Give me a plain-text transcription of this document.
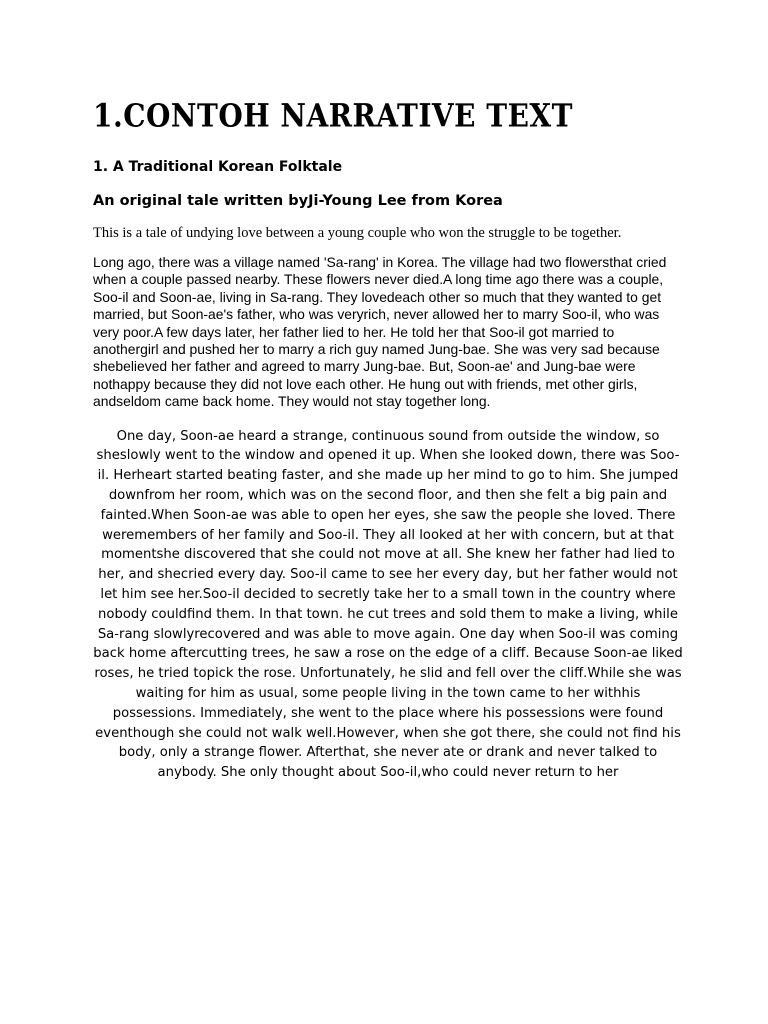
1.CONTOH NARRATIVE TEXT
1. A Traditional Korean Folktale
An original tale written byJi-Young Lee from Korea

This is a tale of undying love between a young couple who won the struggle to be together.

Long ago, there was a village named 'Sa-rang' in Korea. The village had two flowersthat cried when a couple passed nearby. These flowers never died.A long time ago there was a couple, Soo-il and Soon-ae, living in Sa-rang. They lovedeach other so much that they wanted to get married, but Soon-ae's father, who was veryrich, never allowed her to marry Soo-il, who was very poor.A few days later, her father lied to her. He told her that Soo-il got married to anothergirl and pushed her to marry a rich guy named Jung-bae. She was very sad because shebelieved her father and agreed to marry Jung-bae. But, Soon-ae' and Jung-bae were nothappy because they did not love each other. He hung out with friends, met other girls, andseldom came back home. They would not stay together long.

One day, Soon-ae heard a strange, continuous sound from outside the window, so sheslowly went to the window and opened it up. When she looked down, there was Soo-il. Herheart started beating faster, and she made up her mind to go to him. She jumped downfrom her room, which was on the second floor, and then she felt a big pain and fainted.When Soon-ae was able to open her eyes, she saw the people she loved. There weremembers of her family and Soo-il. They all looked at her with concern, but at that momentshe discovered that she could not move at all. She knew her father had lied to her, and shecried every day. Soo-il came to see her every day, but her father would not let him see her.Soo-il decided to secretly take her to a small town in the country where nobody couldfind them. In that town. he cut trees and sold them to make a living, while Sa-rang slowlyrecovered and was able to move again. One day when Soo-il was coming back home aftercutting trees, he saw a rose on the edge of a cliff. Because Soon-ae liked roses, he tried topick the rose. Unfortunately, he slid and fell over the cliff.While she was waiting for him as usual, some people living in the town came to her withhis possessions. Immediately, she went to the place where his possessions were found eventhough she could not walk well.However, when she got there, she could not find his body, only a strange flower. Afterthat, she never ate or drank and never talked to anybody. She only thought about Soo-il,who could never return to her
